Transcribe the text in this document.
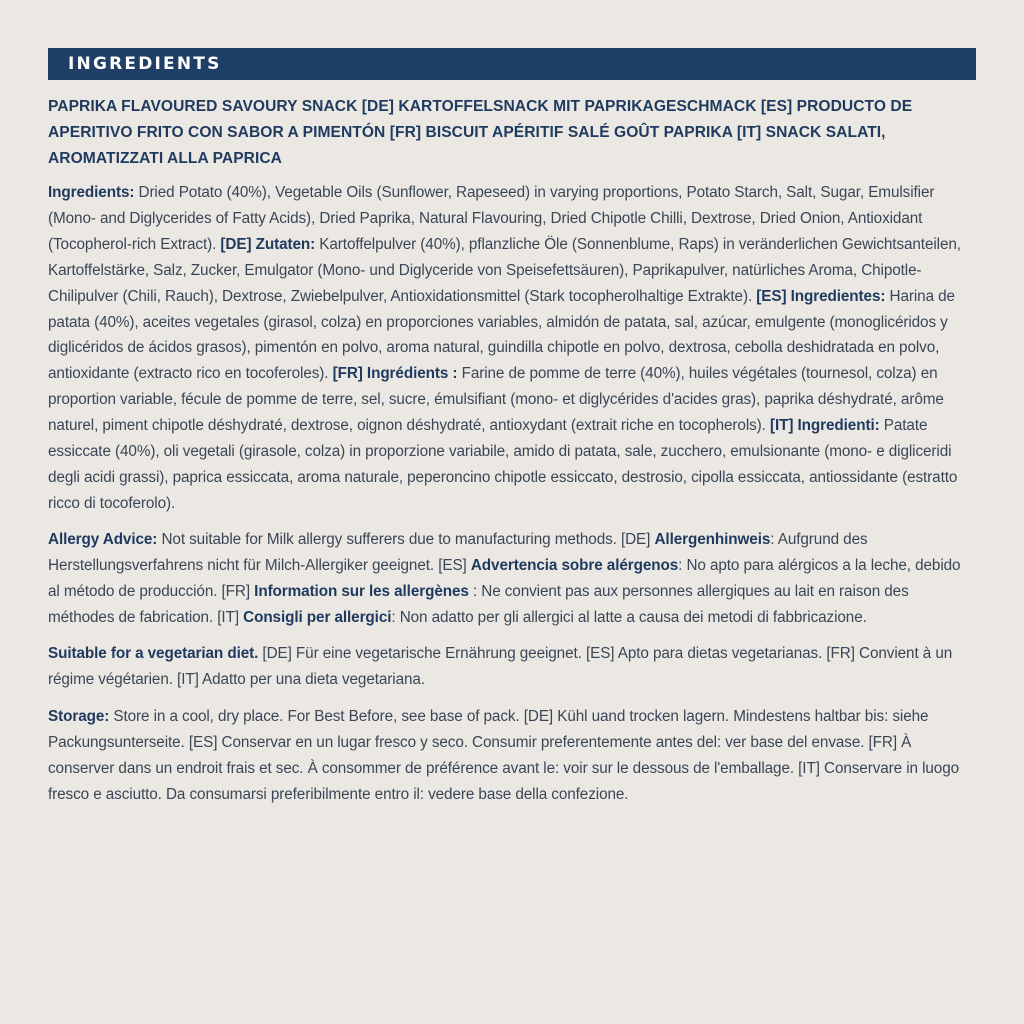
INGREDIENTS
PAPRIKA FLAVOURED SAVOURY SNACK [DE] KARTOFFELSNACK MIT PAPRIKAGESCHMACK [ES] PRODUCTO DE APERITIVO FRITO CON SABOR A PIMENTÓN [FR] BISCUIT APÉRITIF SALÉ GOÛT PAPRIKA [IT] SNACK SALATI, AROMATIZZATI ALLA PAPRICA

Ingredients: Dried Potato (40%), Vegetable Oils (Sunflower, Rapeseed) in varying proportions, Potato Starch, Salt, Sugar, Emulsifier (Mono- and Diglycerides of Fatty Acids), Dried Paprika, Natural Flavouring, Dried Chipotle Chilli, Dextrose, Dried Onion, Antioxidant (Tocopherol-rich Extract). [DE] Zutaten: Kartoffelpulver (40%), pflanzliche Öle (Sonnenblume, Raps) in veränderlichen Gewichtsanteilen, Kartoffelstärke, Salz, Zucker, Emulgator (Mono- und Diglyceride von Speisefettsäuren), Paprikapulver, natürliches Aroma, Chipotle-Chilipulver (Chili, Rauch), Dextrose, Zwiebelpulver, Antioxidationsmittel (Stark tocopherolhaltige Extrakte). [ES] Ingredientes: Harina de patata (40%), aceites vegetales (girasol, colza) en proporciones variables, almidón de patata, sal, azúcar, emulgente (monoglicéridos y diglicéridos de ácidos grasos), pimentón en polvo, aroma natural, guindilla chipotle en polvo, dextrosa, cebolla deshidratada en polvo, antioxidante (extracto rico en tocoferoles). [FR] Ingrédients : Farine de pomme de terre (40%), huiles végétales (tournesol, colza) en proportion variable, fécule de pomme de terre, sel, sucre, émulsifiant (mono- et diglycérides d'acides gras), paprika déshydraté, arôme naturel, piment chipotle déshydraté, dextrose, oignon déshydraté, antioxydant (extrait riche en tocopherols). [IT] Ingredienti: Patate essiccate (40%), oli vegetali (girasole, colza) in proporzione variabile, amido di patata, sale, zucchero, emulsionante (mono- e digliceridi degli acidi grassi), paprica essiccata, aroma naturale, peperoncino chipotle essiccato, destrosio, cipolla essiccata, antiossidante (estratto ricco di tocoferolo).

Allergy Advice: Not suitable for Milk allergy sufferers due to manufacturing methods. [DE] Allergenhinweis: Aufgrund des Herstellungsverfahrens nicht für Milch-Allergiker geeignet. [ES] Advertencia sobre alérgenos: No apto para alérgicos a la leche, debido al método de producción. [FR] Information sur les allergènes : Ne convient pas aux personnes allergiques au lait en raison des méthodes de fabrication. [IT] Consigli per allergici: Non adatto per gli allergici al latte a causa dei metodi di fabbricazione.

Suitable for a vegetarian diet. [DE] Für eine vegetarische Ernährung geeignet. [ES] Apto para dietas vegetarianas. [FR] Convient à un régime végétarien. [IT] Adatto per una dieta vegetariana.

Storage: Store in a cool, dry place. For Best Before, see base of pack. [DE] Kühl uand trocken lagern. Mindestens haltbar bis: siehe Packungsunterseite. [ES] Conservar en un lugar fresco y seco. Consumir preferentemente antes del: ver base del envase. [FR] À conserver dans un endroit frais et sec. À consommer de préférence avant le: voir sur le dessous de l'emballage. [IT] Conservare in luogo fresco e asciutto. Da consumarsi preferibilmente entro il: vedere base della confezione.
